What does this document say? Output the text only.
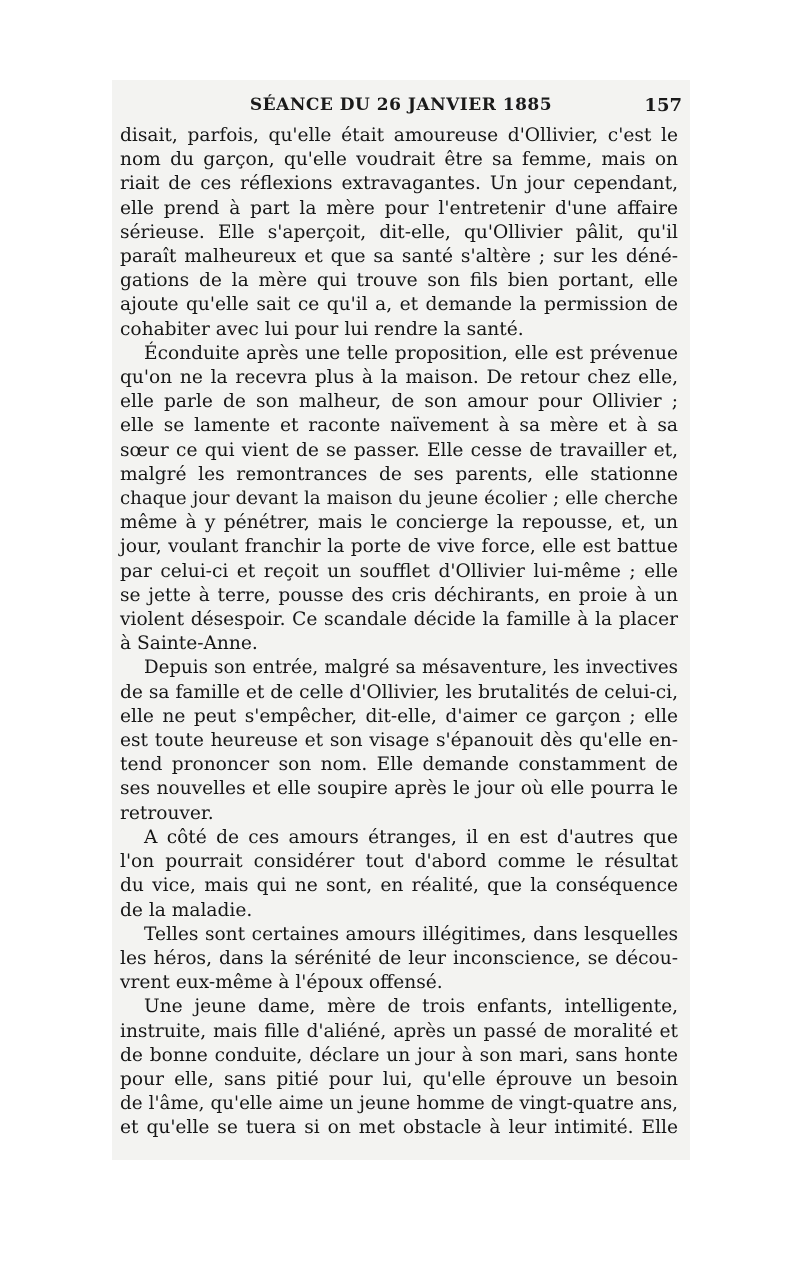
SÉANCE DU 26 JANVIER 1885	157
disait, parfois, qu'elle était amoureuse d'Ollivier, c'est le
nom du garçon, qu'elle voudrait être sa femme, mais on
riait de ces réflexions extravagantes. Un jour cependant,
elle prend à part la mère pour l'entretenir d'une affaire
sérieuse. Elle s'aperçoit, dit-elle, qu'Ollivier pâlit, qu'il
paraît malheureux et que sa santé s'altère ; sur les déné-
gations de la mère qui trouve son fils bien portant, elle
ajoute qu'elle sait ce qu'il a, et demande la permission de
cohabiter avec lui pour lui rendre la santé.
Éconduite après une telle proposition, elle est prévenue
qu'on ne la recevra plus à la maison. De retour chez elle,
elle parle de son malheur, de son amour pour Ollivier ;
elle se lamente et raconte naïvement à sa mère et à sa
sœur ce qui vient de se passer. Elle cesse de travailler et,
malgré les remontrances de ses parents, elle stationne
chaque jour devant la maison du jeune écolier ; elle cherche
même à y pénétrer, mais le concierge la repousse, et, un
jour, voulant franchir la porte de vive force, elle est battue
par celui-ci et reçoit un soufflet d'Ollivier lui-même ; elle
se jette à terre, pousse des cris déchirants, en proie à un
violent désespoir. Ce scandale décide la famille à la placer
à Sainte-Anne.
Depuis son entrée, malgré sa mésaventure, les invectives
de sa famille et de celle d'Ollivier, les brutalités de celui-ci,
elle ne peut s'empêcher, dit-elle, d'aimer ce garçon ; elle
est toute heureuse et son visage s'épanouit dès qu'elle en-
tend prononcer son nom. Elle demande constamment de
ses nouvelles et elle soupire après le jour où elle pourra le
retrouver.
A côté de ces amours étranges, il en est d'autres que
l'on pourrait considérer tout d'abord comme le résultat
du vice, mais qui ne sont, en réalité, que la conséquence
de la maladie.
Telles sont certaines amours illégitimes, dans lesquelles
les héros, dans la sérénité de leur inconscience, se décou-
vrent eux-même à l'époux offensé.
Une jeune dame, mère de trois enfants, intelligente,
instruite, mais fille d'aliéné, après un passé de moralité et
de bonne conduite, déclare un jour à son mari, sans honte
pour elle, sans pitié pour lui, qu'elle éprouve un besoin
de l'âme, qu'elle aime un jeune homme de vingt-quatre ans,
et qu'elle se tuera si on met obstacle à leur intimité. Elle
